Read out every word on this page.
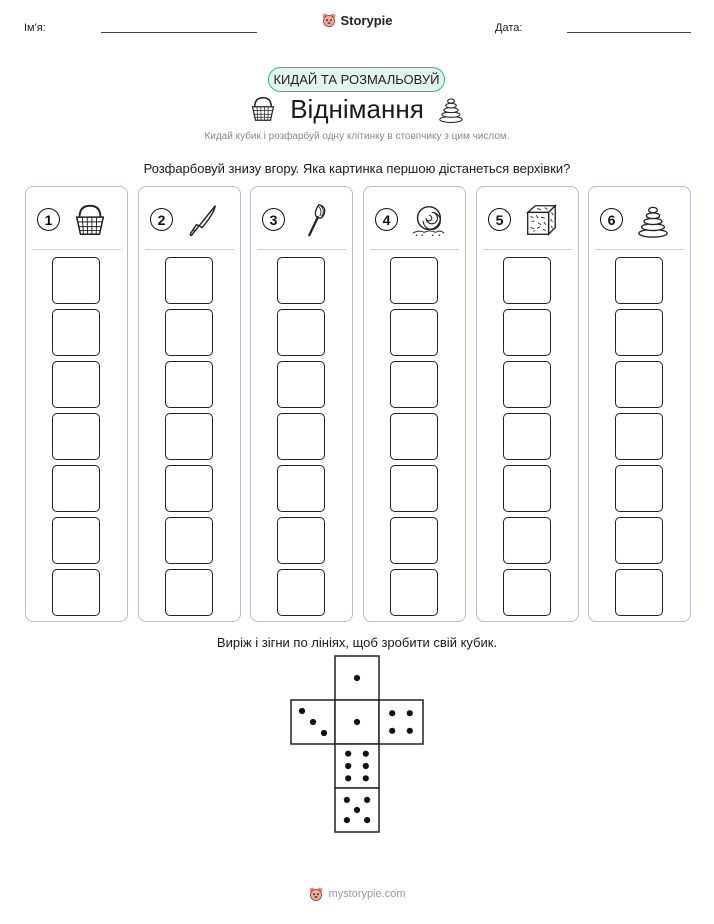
Ім'я:
Storypie
Дата:
КИДАЙ ТА РОЗМАЛЬОВУЙ
Віднімання
Кидай кубик і розфарбуй одну клітинку в стовпчику з цим числом.
Розфарбовуй знизу вгору. Яка картинка першою дістанеться верхівки?
1	2	3	4	5	6
Виріж і зігни по лініях, щоб зробити свій кубик.
mystorypie.com
